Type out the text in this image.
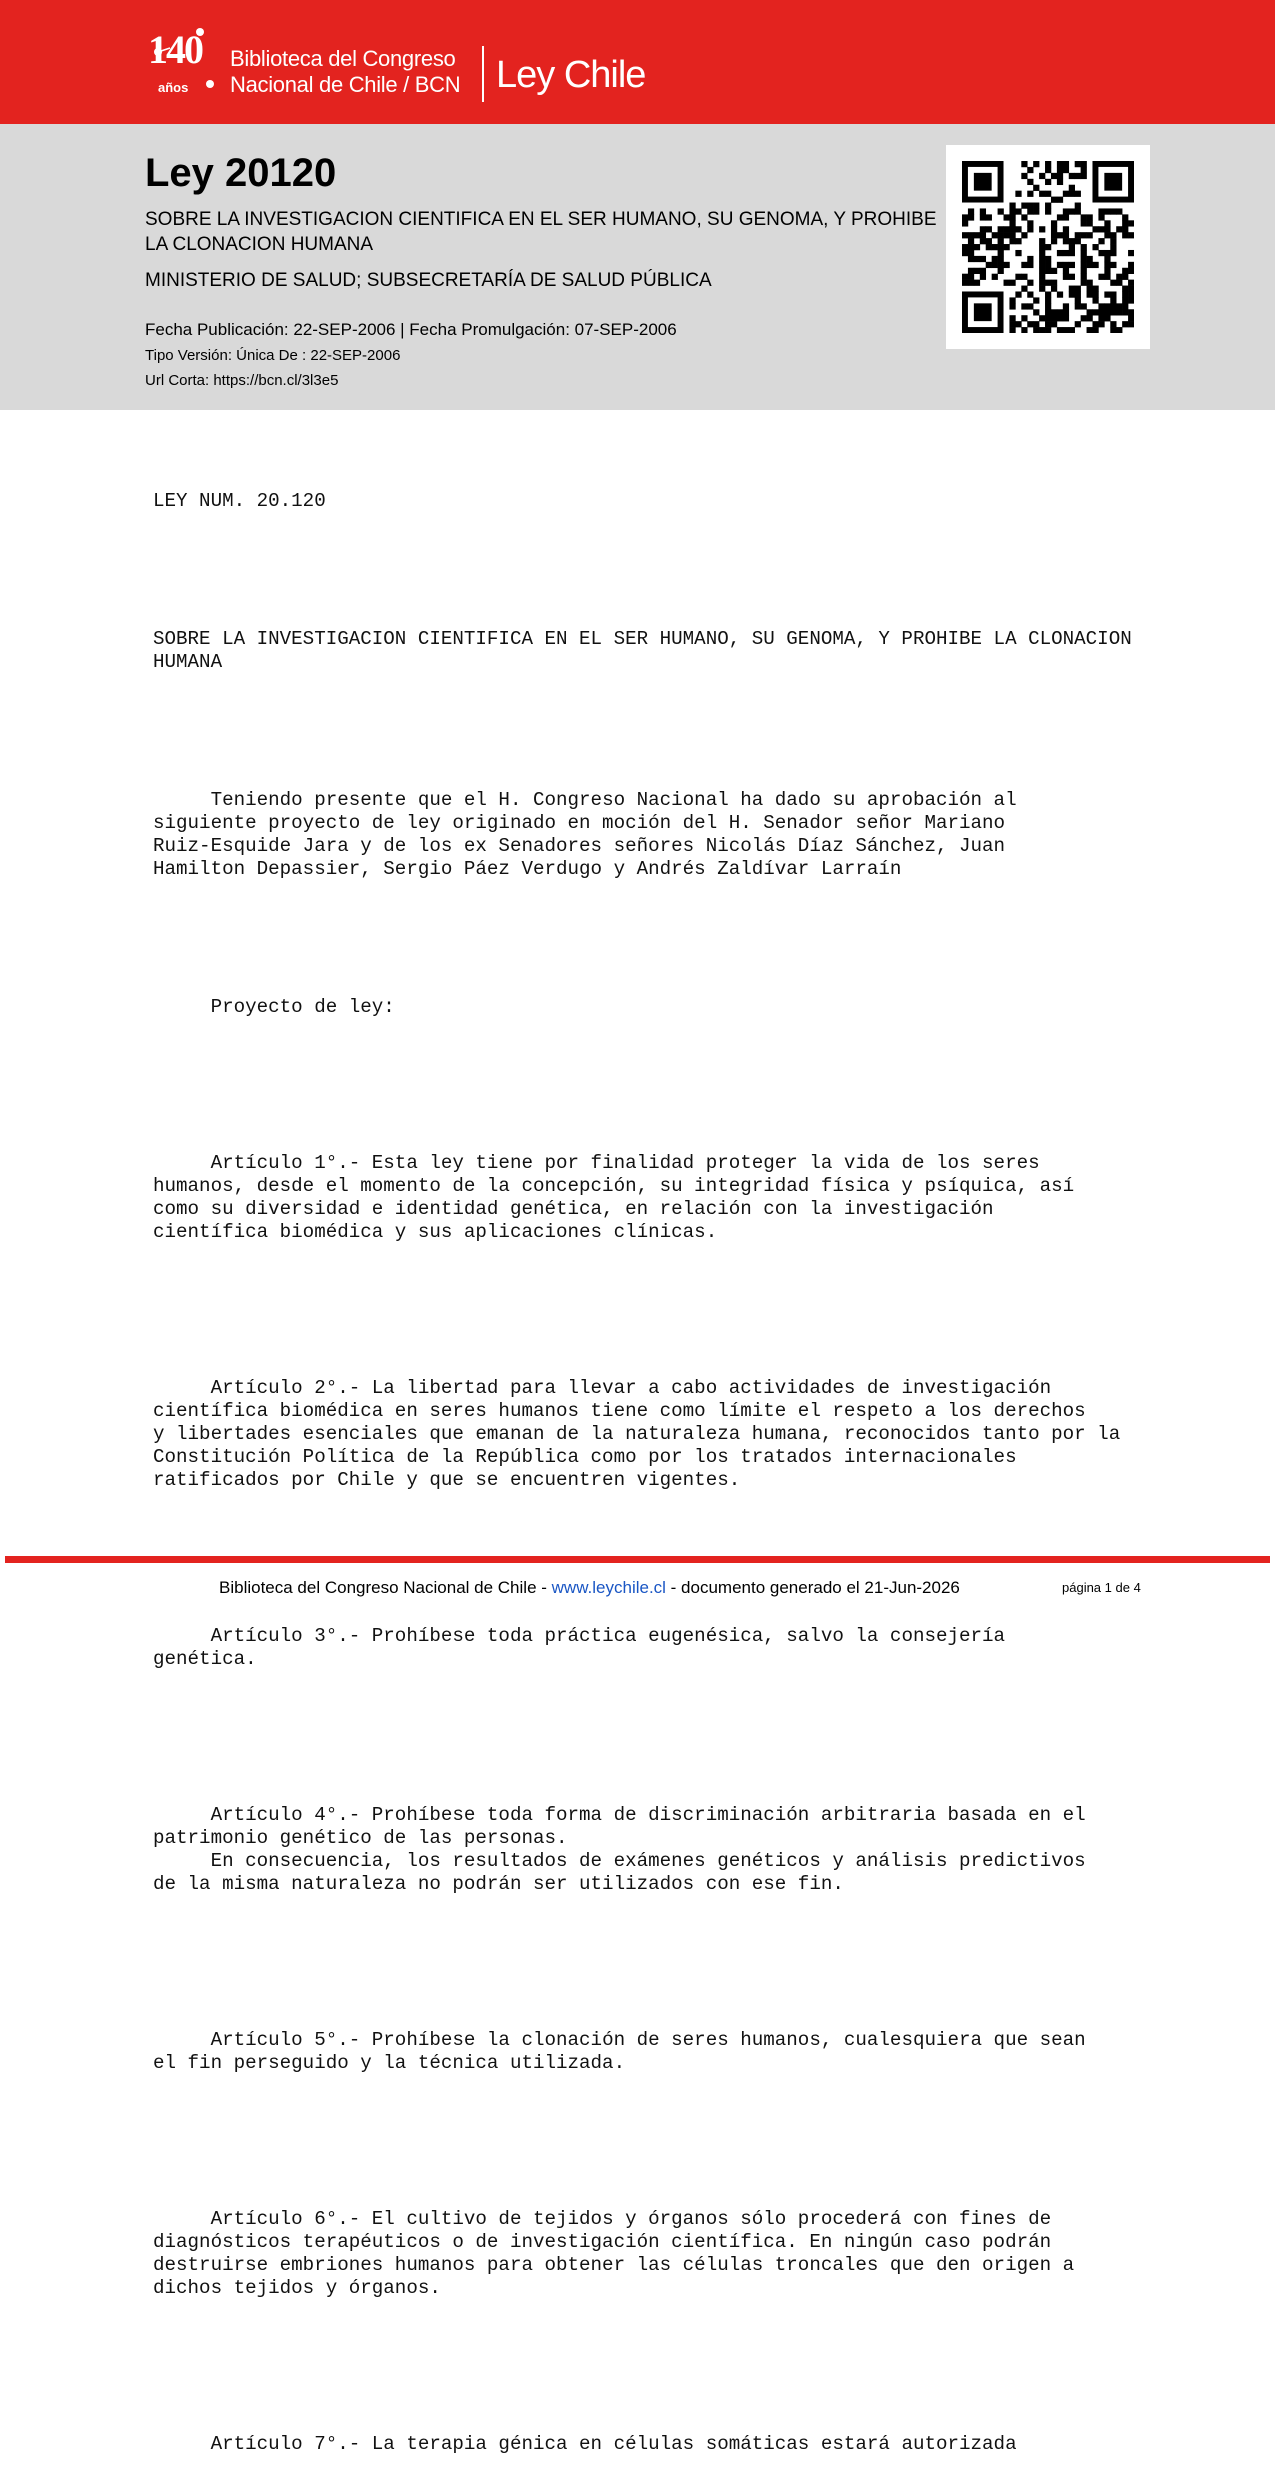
140
años
Biblioteca del Congreso
Nacional de Chile / BCN Ley Chile
Ley 20120
SOBRE LA INVESTIGACION CIENTIFICA EN EL SER HUMANO, SU GENOMA, Y PROHIBE LA CLONACION HUMANA
MINISTERIO DE SALUD; SUBSECRETARÍA DE SALUD PÚBLICA
Fecha Publicación: 22-SEP-2006 | Fecha Promulgación: 07-SEP-2006
Tipo Versión: Única De : 22-SEP-2006
Url Corta: https://bcn.cl/3l3e5

LEY NUM. 20.120

SOBRE LA INVESTIGACION CIENTIFICA EN EL SER HUMANO, SU GENOMA, Y PROHIBE LA CLONACION
HUMANA

Teniendo presente que el H. Congreso Nacional ha dado su aprobación al
siguiente proyecto de ley originado en moción del H. Senador señor Mariano
Ruiz-Esquide Jara y de los ex Senadores señores Nicolás Díaz Sánchez, Juan
Hamilton Depassier, Sergio Páez Verdugo y Andrés Zaldívar Larraín

Proyecto de ley:

Artículo 1°.- Esta ley tiene por finalidad proteger la vida de los seres
humanos, desde el momento de la concepción, su integridad física y psíquica, así
como su diversidad e identidad genética, en relación con la investigación
científica biomédica y sus aplicaciones clínicas.

Artículo 2°.- La libertad para llevar a cabo actividades de investigación
científica biomédica en seres humanos tiene como límite el respeto a los derechos
y libertades esenciales que emanan de la naturaleza humana, reconocidos tanto por la
Constitución Política de la República como por los tratados internacionales
ratificados por Chile y que se encuentren vigentes.

Artículo 3°.- Prohíbese toda práctica eugenésica, salvo la consejería
genética.

Artículo 4°.- Prohíbese toda forma de discriminación arbitraria basada en el
patrimonio genético de las personas.
En consecuencia, los resultados de exámenes genéticos y análisis predictivos
de la misma naturaleza no podrán ser utilizados con ese fin.

Artículo 5°.- Prohíbese la clonación de seres humanos, cualesquiera que sean
el fin perseguido y la técnica utilizada.

Artículo 6°.- El cultivo de tejidos y órganos sólo procederá con fines de
diagnósticos terapéuticos o de investigación científica. En ningún caso podrán
destruirse embriones humanos para obtener las células troncales que den origen a
dichos tejidos y órganos.

Artículo 7°.- La terapia génica en células somáticas estará autorizada

Biblioteca del Congreso Nacional de Chile - www.leychile.cl - documento generado el 21-Jun-2026	página 1 de 4
